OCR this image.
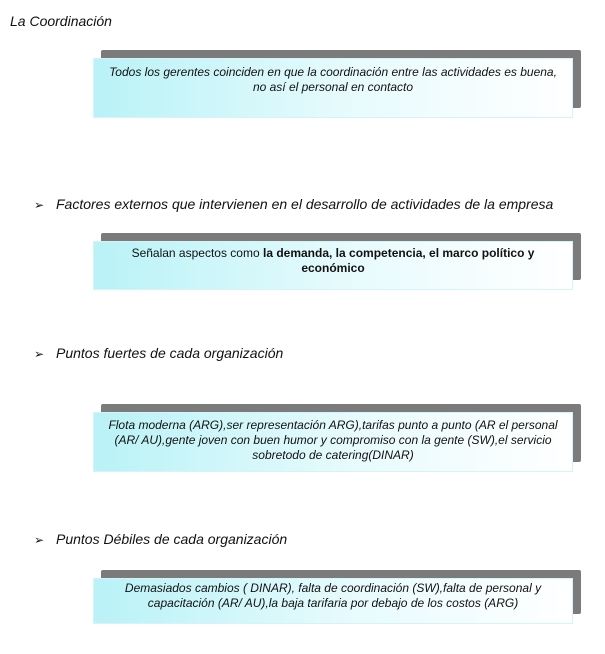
La Coordinación
Todos los gerentes coinciden en que la coordinación entre las actividades es buena, no así el personal en contacto
➢ Factores externos que intervienen en el desarrollo de actividades de la empresa
Señalan aspectos como la demanda, la competencia, el marco político y económico
➢ Puntos fuertes de cada organización
Flota moderna (ARG),ser representación ARG),tarifas punto a punto (AR el personal (AR/ AU),gente joven con buen humor y compromiso con la gente (SW),el servicio sobretodo de catering(DINAR)
➢ Puntos Débiles de cada organización
Demasiados cambios ( DINAR), falta de coordinación (SW),falta de personal y capacitación (AR/ AU),la baja tarifaria por debajo de los costos (ARG)
